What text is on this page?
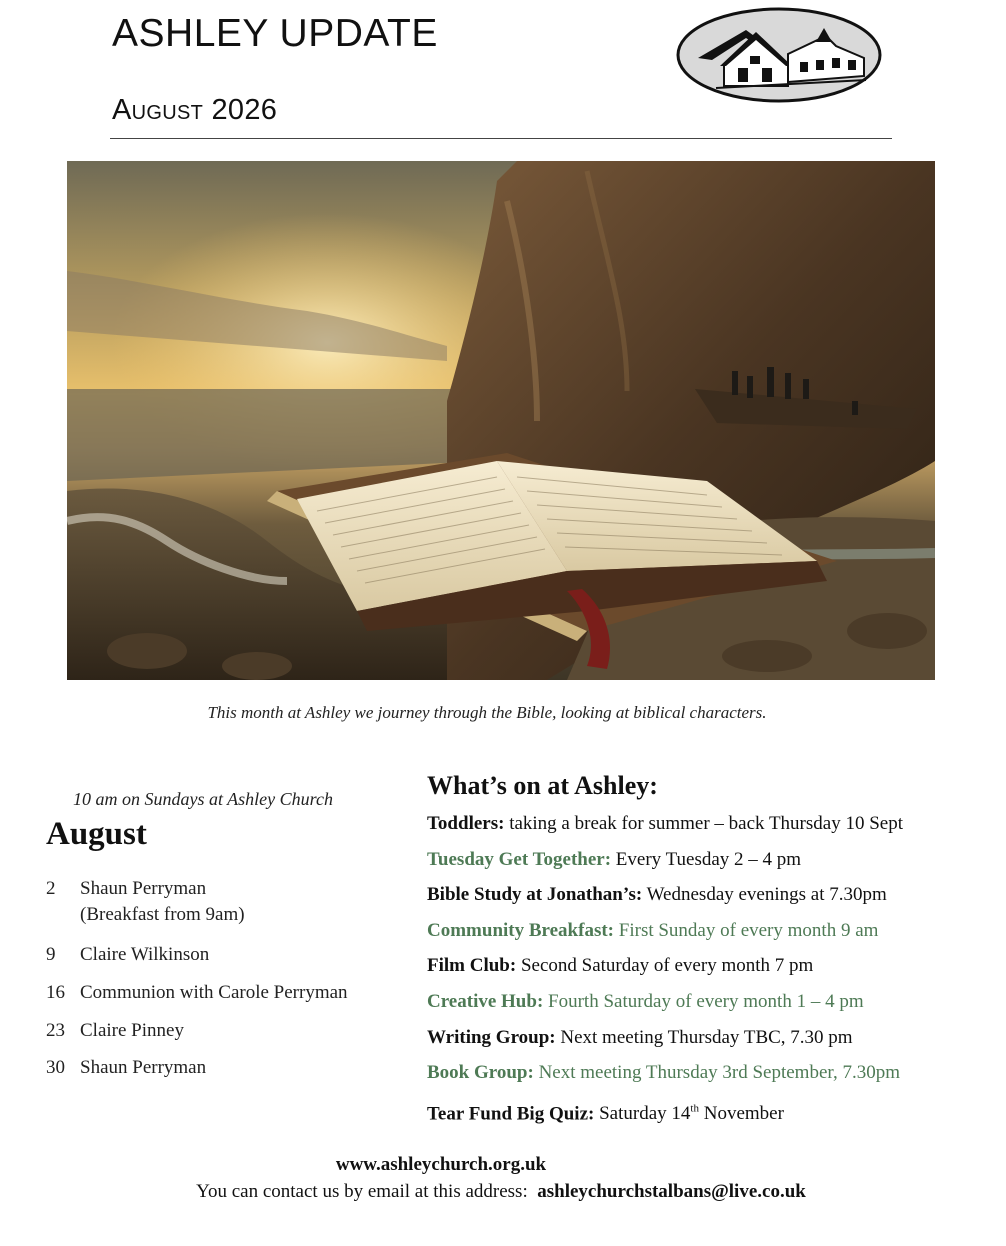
ASHLEY UPDATE
August 2026
This month at Ashley we journey through the Bible, looking at biblical characters.
10 am on Sundays at Ashley Church
August
2	Shaun Perryman
(Breakfast from 9am)
9	Claire Wilkinson
16 Communion with Carole Perryman
23 Claire Pinney
30 Shaun Perryman
What’s on at Ashley:
Toddlers: taking a break for summer – back Thursday 10 Sept
Tuesday Get Together: Every Tuesday 2 – 4 pm
Bible Study at Jonathan’s: Wednesday evenings at 7.30pm
Community Breakfast: First Sunday of every month 9 am
Film Club: Second Saturday of every month 7 pm
Creative Hub: Fourth Saturday of every month 1 – 4 pm
Writing Group: Next meeting Thursday TBC, 7.30 pm
Book Group: Next meeting Thursday 3rd September, 7.30pm
Tear Fund Big Quiz: Saturday 14th November
www.ashleychurch.org.uk
You can contact us by email at this address: ashleychurchstalbans@live.co.uk
